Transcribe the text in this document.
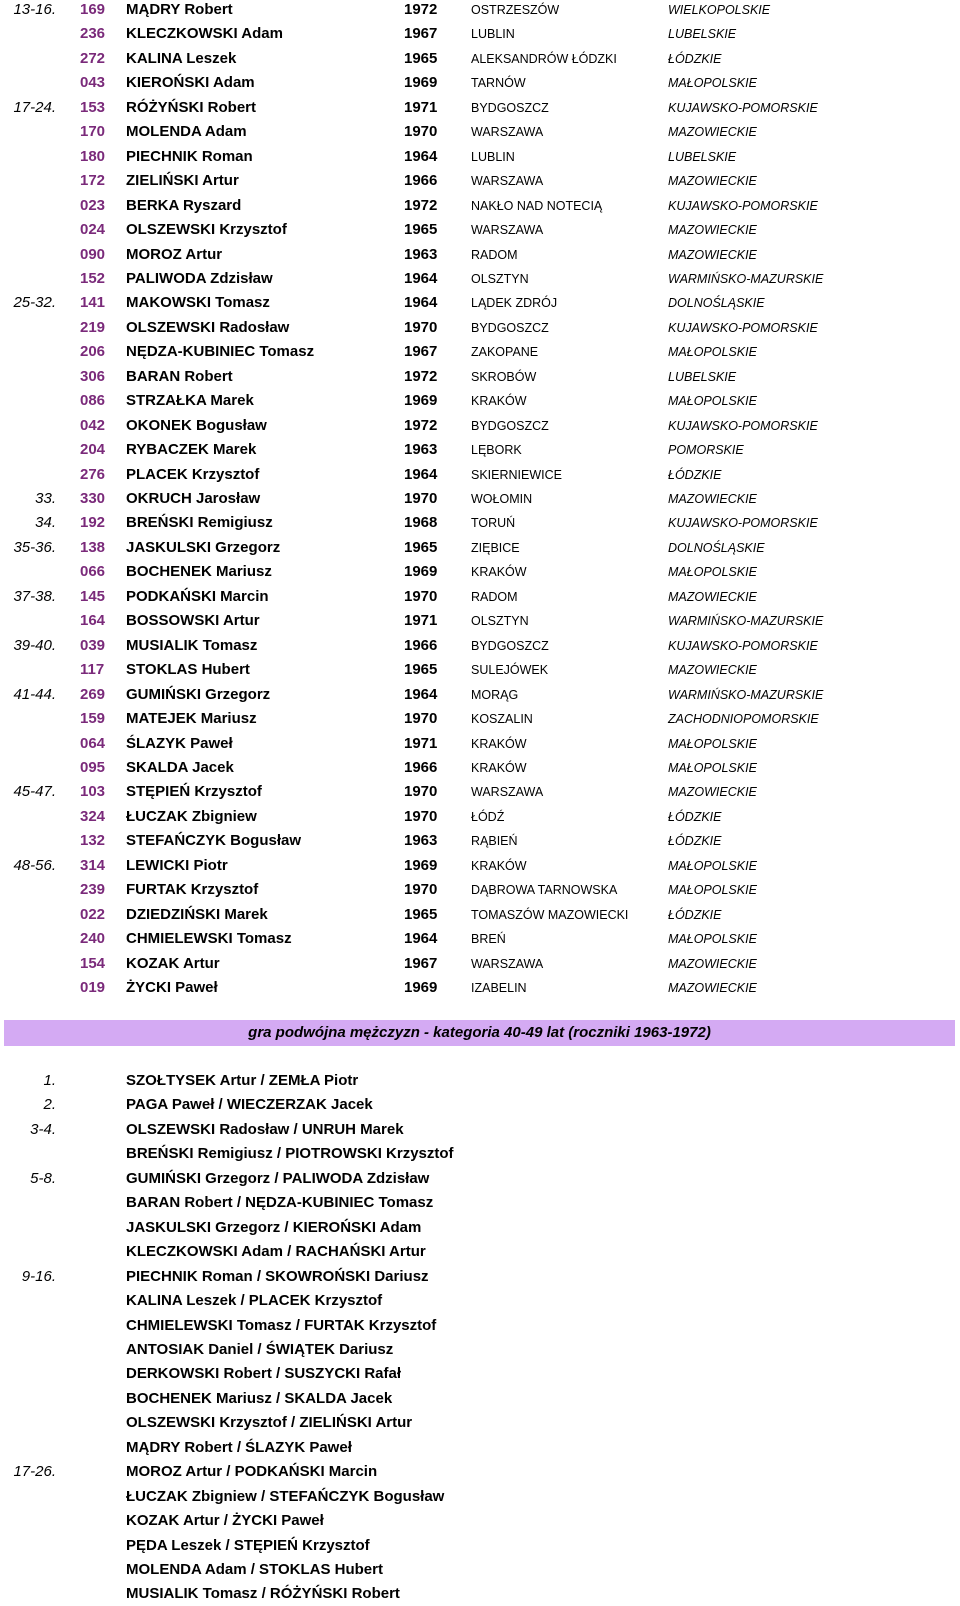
13-16. 169 MĄDRY Robert	1972	OSTRZESZÓW	WIELKOPOLSKIE
236 KLECZKOWSKI Adam	1967	LUBLIN	LUBELSKIE
272 KALINA Leszek	1965	ALEKSANDRÓW ŁÓDZKI	ŁÓDZKIE
043 KIEROŃSKI Adam	1969	TARNÓW	MAŁOPOLSKIE
17-24. 153 RÓŻYŃSKI Robert	1971	BYDGOSZCZ	KUJAWSKO-POMORSKIE
170 MOLENDA Adam	1970	WARSZAWA	MAZOWIECKIE
180 PIECHNIK Roman	1964	LUBLIN	LUBELSKIE
172 ZIELIŃSKI Artur	1966	WARSZAWA	MAZOWIECKIE
023 BERKA Ryszard	1972	NAKŁO NAD NOTECIĄ	KUJAWSKO-POMORSKIE
024 OLSZEWSKI Krzysztof	1965	WARSZAWA	MAZOWIECKIE
090 MOROZ Artur	1963	RADOM	MAZOWIECKIE
152 PALIWODA Zdzisław	1964	OLSZTYN	WARMIŃSKO-MAZURSKIE
25-32. 141 MAKOWSKI Tomasz	1964	LĄDEK ZDRÓJ	DOLNOŚLĄSKIE
219 OLSZEWSKI Radosław	1970	BYDGOSZCZ	KUJAWSKO-POMORSKIE
206 NĘDZA-KUBINIEC Tomasz	1967	ZAKOPANE	MAŁOPOLSKIE
306 BARAN Robert	1972	SKROBÓW	LUBELSKIE
086 STRZAŁKA Marek	1969	KRAKÓW	MAŁOPOLSKIE
042 OKONEK Bogusław	1972	BYDGOSZCZ	KUJAWSKO-POMORSKIE
204 RYBACZEK Marek	1963	LĘBORK	POMORSKIE
276 PLACEK Krzysztof	1964	SKIERNIEWICE	ŁÓDZKIE
33. 330 OKRUCH Jarosław	1970	WOŁOMIN	MAZOWIECKIE
34. 192 BREŃSKI Remigiusz	1968	TORUŃ	KUJAWSKO-POMORSKIE
35-36. 138 JASKULSKI Grzegorz	1965	ZIĘBICE	DOLNOŚLĄSKIE
066 BOCHENEK Mariusz	1969	KRAKÓW	MAŁOPOLSKIE
37-38. 145 PODKAŃSKI Marcin	1970	RADOM	MAZOWIECKIE
164 BOSSOWSKI Artur	1971	OLSZTYN	WARMIŃSKO-MAZURSKIE
39-40. 039 MUSIALIK Tomasz	1966	BYDGOSZCZ	KUJAWSKO-POMORSKIE
117 STOKLAS Hubert	1965	SULEJÓWEK	MAZOWIECKIE
41-44. 269 GUMIŃSKI Grzegorz	1964	MORĄG	WARMIŃSKO-MAZURSKIE
159 MATEJEK Mariusz	1970	KOSZALIN	ZACHODNIOPOMORSKIE
064 ŚLAZYK Paweł	1971	KRAKÓW	MAŁOPOLSKIE
095 SKALDA Jacek	1966	KRAKÓW	MAŁOPOLSKIE
45-47. 103 STĘPIEŃ Krzysztof	1970	WARSZAWA	MAZOWIECKIE
324 ŁUCZAK Zbigniew	1970	ŁÓDŹ	ŁÓDZKIE
132 STEFAŃCZYK Bogusław	1963	RĄBIEŃ	ŁÓDZKIE
48-56. 314 LEWICKI Piotr	1969	KRAKÓW	MAŁOPOLSKIE
239 FURTAK Krzysztof	1970	DĄBROWA TARNOWSKA	MAŁOPOLSKIE
022 DZIEDZIŃSKI Marek	1965	TOMASZÓW MAZOWIECKI	ŁÓDZKIE
240 CHMIELEWSKI Tomasz	1964	BREŃ	MAŁOPOLSKIE
154 KOZAK Artur	1967	WARSZAWA	MAZOWIECKIE
019 ŻYCKI Paweł	1969	IZABELIN	MAZOWIECKIE
gra podwójna mężczyzn - kategoria 40-49 lat (roczniki 1963-1972)
1.	SZOŁTYSEK Artur / ZEMŁA Piotr
2.	PAGA Paweł / WIECZERZAK Jacek
3-4.	OLSZEWSKI Radosław / UNRUH Marek
BREŃSKI Remigiusz / PIOTROWSKI Krzysztof
5-8.	GUMIŃSKI Grzegorz / PALIWODA Zdzisław
BARAN Robert / NĘDZA-KUBINIEC Tomasz
JASKULSKI Grzegorz / KIEROŃSKI Adam
KLECZKOWSKI Adam / RACHAŃSKI Artur
9-16.	PIECHNIK Roman / SKOWROŃSKI Dariusz
KALINA Leszek / PLACEK Krzysztof
CHMIELEWSKI Tomasz / FURTAK Krzysztof
ANTOSIAK Daniel / ŚWIĄTEK Dariusz
DERKOWSKI Robert / SUSZYCKI Rafał
BOCHENEK Mariusz / SKALDA Jacek
OLSZEWSKI Krzysztof / ZIELIŃSKI Artur
MĄDRY Robert / ŚLAZYK Paweł
17-26.	MOROZ Artur / PODKAŃSKI Marcin
ŁUCZAK Zbigniew / STEFAŃCZYK Bogusław
KOZAK Artur / ŻYCKI Paweł
PĘDA Leszek / STĘPIEŃ Krzysztof
MOLENDA Adam / STOKLAS Hubert
MUSIALIK Tomasz / RÓŻYŃSKI Robert
